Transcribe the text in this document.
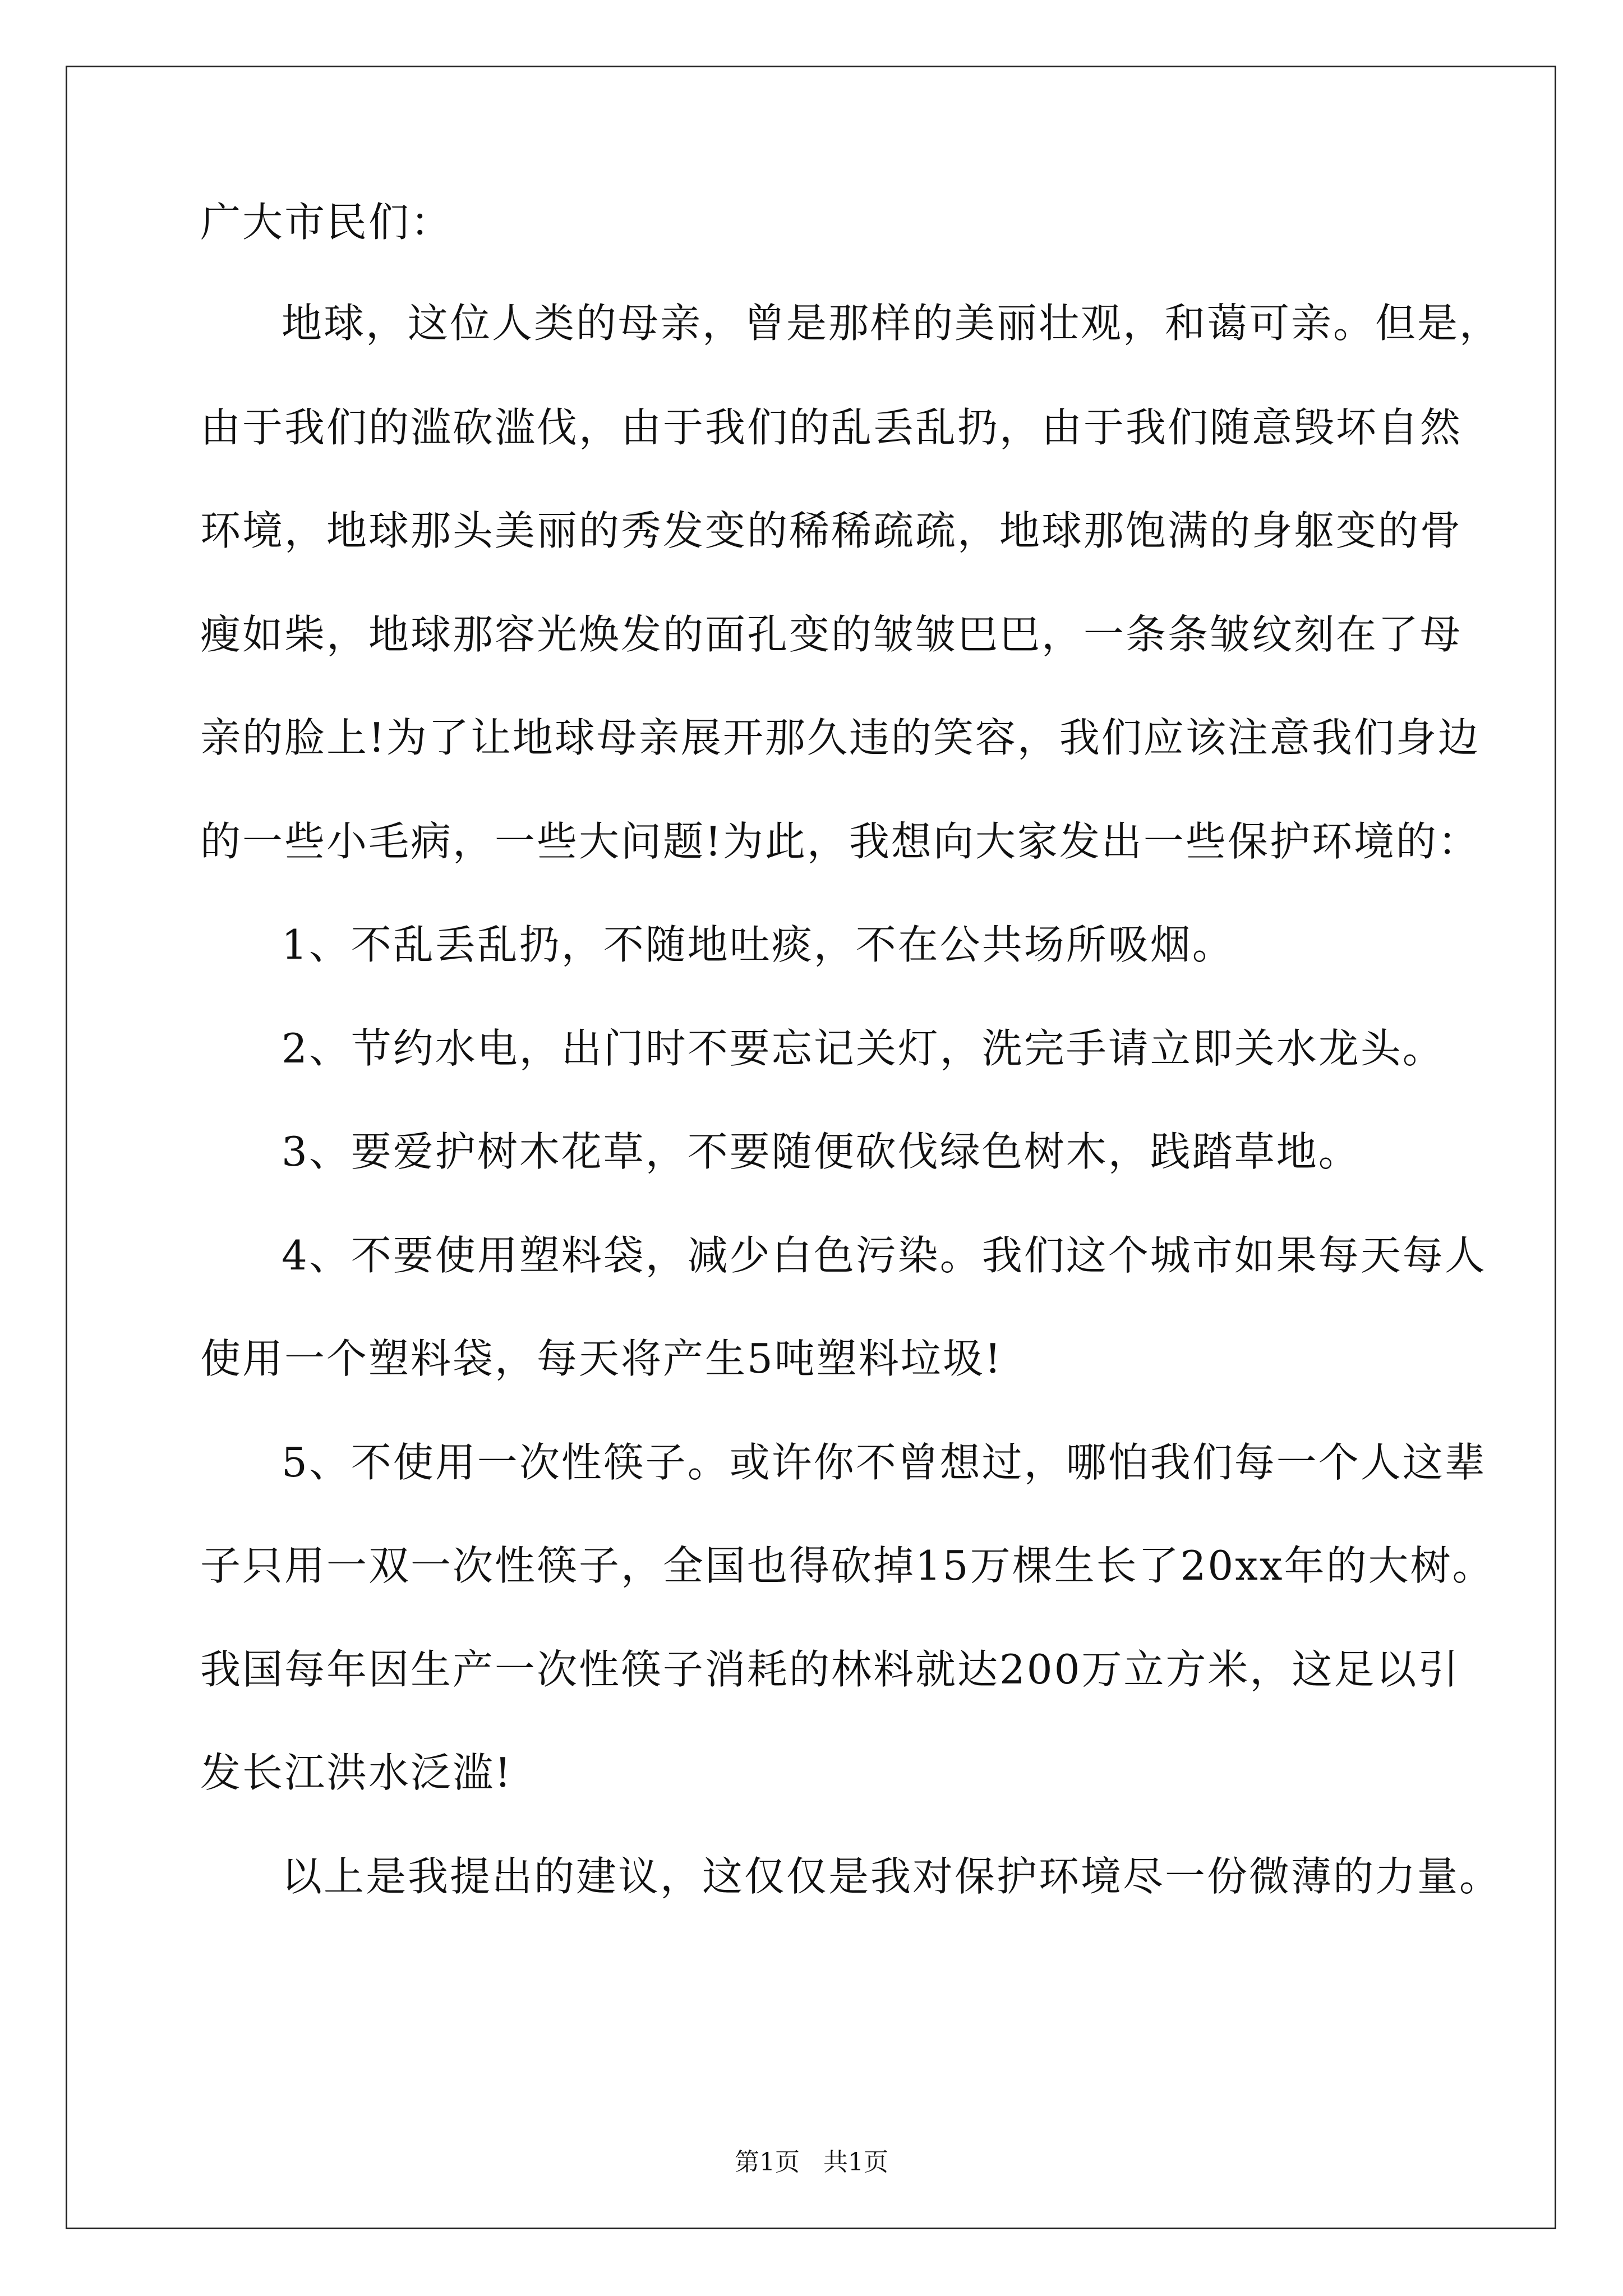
广大市民们：
地球，这位人类的母亲，曾是那样的美丽壮观，和蔼可亲。但是，
由于我们的滥砍滥伐，由于我们的乱丢乱扔，由于我们随意毁坏自然
环境，地球那头美丽的秀发变的稀稀疏疏，地球那饱满的身躯变的骨
瘦如柴，地球那容光焕发的面孔变的皱皱巴巴，一条条皱纹刻在了母
亲的脸上!为了让地球母亲展开那久违的笑容，我们应该注意我们身边
的一些小毛病，一些大问题!为此，我想向大家发出一些保护环境的：
1、不乱丢乱扔，不随地吐痰，不在公共场所吸烟。
2、节约水电，出门时不要忘记关灯，洗完手请立即关水龙头。
3、要爱护树木花草，不要随便砍伐绿色树木，践踏草地。
4、不要使用塑料袋，减少白色污染。我们这个城市如果每天每人
使用一个塑料袋，每天将产生5吨塑料垃圾!
5、不使用一次性筷子。或许你不曾想过，哪怕我们每一个人这辈
子只用一双一次性筷子，全国也得砍掉15万棵生长了20xx年的大树。
我国每年因生产一次性筷子消耗的林料就达200万立方米，这足以引
发长江洪水泛滥!
以上是我提出的建议，这仅仅是我对保护环境尽一份微薄的力量。
第1页   共1页
